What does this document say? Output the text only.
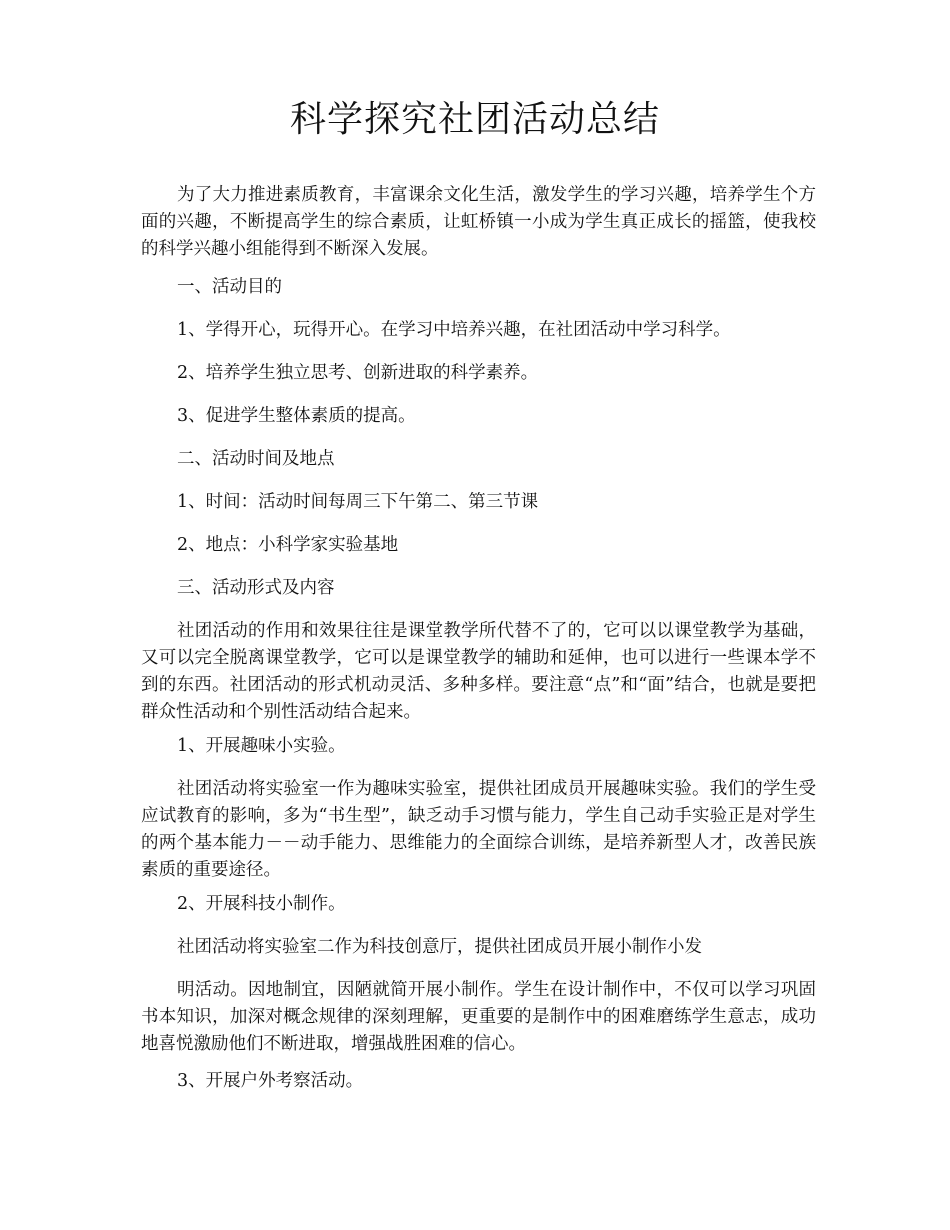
科学探究社团活动总结

为了大力推进素质教育，丰富课余文化生活，激发学生的学习兴趣，培养学生个方面的兴趣，不断提高学生的综合素质，让虹桥镇一小成为学生真正成长的摇篮，使我校的科学兴趣小组能得到不断深入发展。

一、活动目的

1、学得开心，玩得开心。在学习中培养兴趣，在社团活动中学习科学。

2、培养学生独立思考、创新进取的科学素养。

3、促进学生整体素质的提高。

二、活动时间及地点

1、时间：活动时间每周三下午第二、第三节课

2、地点：小科学家实验基地

三、活动形式及内容

社团活动的作用和效果往往是课堂教学所代替不了的，它可以以课堂教学为基础，又可以完全脱离课堂教学，它可以是课堂教学的辅助和延伸，也可以进行一些课本学不到的东西。社团活动的形式机动灵活、多种多样。要注意“点”和“面”结合，也就是要把群众性活动和个别性活动结合起来。

1、开展趣味小实验。

社团活动将实验室一作为趣味实验室，提供社团成员开展趣味实验。我们的学生受应试教育的影响，多为“书生型”，缺乏动手习惯与能力，学生自己动手实验正是对学生的两个基本能力－－动手能力、思维能力的全面综合训练，是培养新型人才，改善民族素质的重要途径。

2、开展科技小制作。

社团活动将实验室二作为科技创意厅，提供社团成员开展小制作小发

明活动。因地制宜，因陋就简开展小制作。学生在设计制作中，不仅可以学习巩固书本知识，加深对概念规律的深刻理解，更重要的是制作中的困难磨练学生意志，成功地喜悦激励他们不断进取，增强战胜困难的信心。

3、开展户外考察活动。
